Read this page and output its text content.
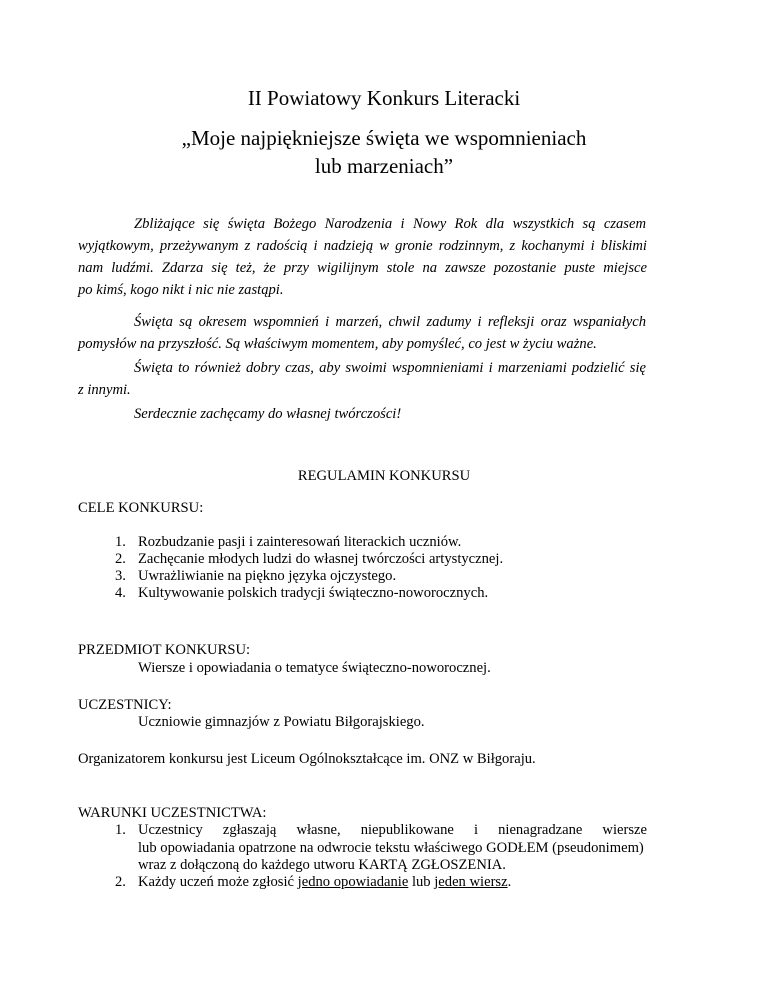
II Powiatowy Konkurs Literacki
„Moje najpiękniejsze święta we wspomnieniach
lub marzeniach”
Zbliżające się święta Bożego Narodzenia i Nowy Rok dla wszystkich są czasem
wyjątkowym, przeżywanym z radością i nadzieją w gronie rodzinnym, z kochanymi i bliskimi
nam ludźmi. Zdarza się też, że przy wigilijnym stole na zawsze pozostanie puste miejsce
po kimś, kogo nikt i nic nie zastąpi.
Święta są okresem wspomnień i marzeń, chwil zadumy i refleksji oraz wspaniałych
pomysłów na przyszłość. Są właściwym momentem, aby pomyśleć, co jest w życiu ważne.
Święta to również dobry czas, aby swoimi wspomnieniami i marzeniami podzielić się
z innymi.
Serdecznie zachęcamy do własnej twórczości!
REGULAMIN KONKURSU
CELE KONKURSU:
1. Rozbudzanie pasji i zainteresowań literackich uczniów.
2. Zachęcanie młodych ludzi do własnej twórczości artystycznej.
3. Uwrażliwianie na piękno języka ojczystego.
4. Kultywowanie polskich tradycji świąteczno-noworocznych.
PRZEDMIOT KONKURSU:
Wiersze i opowiadania o tematyce świąteczno-noworocznej.
UCZESTNICY:
Uczniowie gimnazjów z Powiatu Biłgorajskiego.
Organizatorem konkursu jest Liceum Ogólnokształcące im. ONZ w Biłgoraju.
WARUNKI UCZESTNICTWA:
1. Uczestnicy zgłaszają własne, niepublikowane i nienagradzane wiersze
lub opowiadania opatrzone na odwrocie tekstu właściwego GODŁEM (pseudonimem)
wraz z dołączoną do każdego utworu KARTĄ ZGŁOSZENIA.
2. Każdy uczeń może zgłosić jedno opowiadanie lub jeden wiersz.
